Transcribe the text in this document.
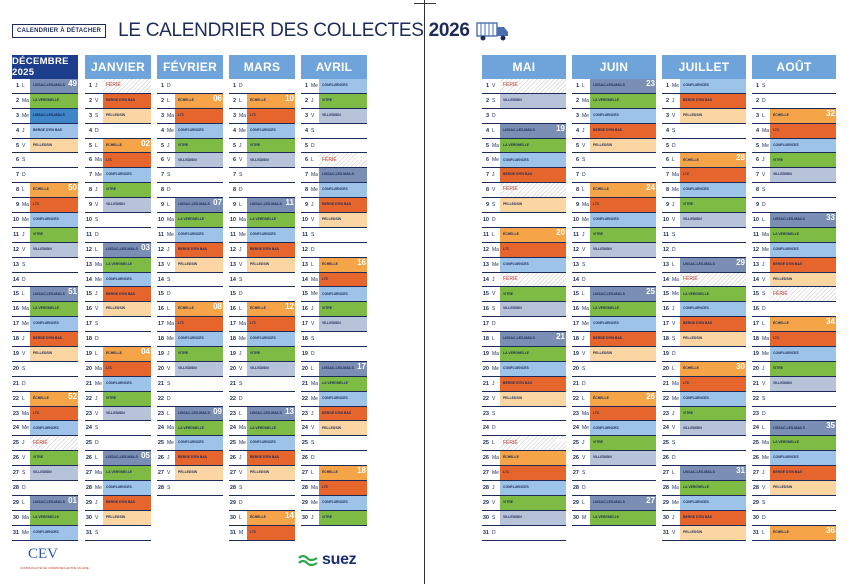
CALENDRIER À DÉTACHER LE CALENDRIER DES COLLECTES 2026
DÉCEMBRE 2025
1 L	LISSAC-LES-MAILS 49
2 Ma	LA VERGNELLE
3 Me	LISSAC-LES-MAILS
4 J	BERGE D'EN BAS
5 V	PELLEDSIN
6 S
7 D
8 L	ÉCHELLE 50
9 Ma	LTC
10 Me	CONFLUENCES
11 J	VITRE
12 V	VILLEDISIN
13 S
14 D
15 L	LISSAC-LES-MAILS 51
16 Ma	LA VERGNELLE
17 Me	CONFLUENCES
18 J	BERGE D'EN BAS
19 V	PELLEDSIN
20 S
21 D
22 L	ÉCHELLE 52
23 Ma	LTC
24 Me	CONFLUENCES
25 J	FÉRIÉ
26 V	VITRE
27 S	VILLEDISIN
28 D
29 L	LISSAC-LES-MAILS 01
30 Ma	LA VERGNELLE
31 Me	CONFLUENCES
JANVIER
1 J	FÉRIÉ
2 V	BERGE D'EN BAS
3 S	PELLEDSIN
4 D
5 L	ÉCHELLE 02
6 Ma	LTC
7 Me	CONFLUENCES
8 J	VITRE
9 V	VILLEDISIN
10 S
11 D
12 L	LISSAC-LES-MAILS 03
13 Ma	LA VERGNELLE
14 Me	CONFLUENCES
15 J	BERGE D'EN BAS
16 V	PELLEDSIN
17 S
18 D
19 L	ÉCHELLE 04
20 Ma	LTC
21 Me	CONFLUENCES
22 J	VITRE
23 V	VILLEDISIN
24 S
25 D
26 L	LISSAC-LES-MAILS 05
27 Ma	LA VERGNELLE
28 Me	CONFLUENCES
29 J	BERGE D'EN BAS
30 V	PELLEDSIN
31 S
FÉVRIER
1 D
2 L	ÉCHELLE 06
3 Ma	LTC
4 Me	CONFLUENCES
5 J	VITRE
6 V	VILLEDISIN
7 S
8 D
9 L	LISSAC-LES-MAILS 07
10 Ma	LA VERGNELLE
11 Me	CONFLUENCES
12 J	BERGE D'EN BAS
13 V	PELLEDSIN
14 S
15 D
16 L	ÉCHELLE 08
17 Ma	LTC
18 Me	CONFLUENCES
19 J	VITRE
20 V	VILLEDISIN
21 S
22 D
23 L	LISSAC-LES-MAILS 09
24 Ma	LA VERGNELLE
25 Me	CONFLUENCES
26 J	BERGE D'EN BAS
27 V	PELLEDSIN
28 S
MARS
1 D
2 L	ÉCHELLE 10
3 Ma	LTC
4 Me	CONFLUENCES
5 J	VITRE
6 V	VILLEDISIN
7 S
8 D
9 L	LISSAC-LES-MAILS 11
10 Ma	LA VERGNELLE
11 Me	CONFLUENCES
12 J	BERGE D'EN BAS
13 V	PELLEDSIN
14 S
15 D
16 L	ÉCHELLE 12
17 Ma	LTC
18 Me	CONFLUENCES
19 J	VITRE
20 V	VILLEDISIN
21 S
22 D
23 L	LISSAC-LES-MAILS 13
24 Ma	LA VERGNELLE
25 Me	CONFLUENCES
26 J	BERGE D'EN BAS
27 V	PELLEDSIN
28 S
29 D
30 L	ÉCHELLE 14
31 M	LTC
AVRIL
1 Me	CONFLUENCES
2 J	VITRE
3 V	VILLEDISIN
4 S
5 D
6 L	FÉRIÉ	15
7 Ma	LISSAC-LES-MAILS
8 Me	CONFLUENCES
9 J	BERGE D'EN BAS
10 V	PELLEDSIN
11 S
12 D
13 L	ÉCHELLE 16
14 Ma	LTC
15 Me	CONFLUENCES
16 J	VITRE
17 V	VILLEDISIN
18 S
19 D
20 L	LISSAC-LES-MAILS 17
21 Ma	LA VERGNELLE
22 Me	CONFLUENCES
23 J	BERGE D'EN BAS
24 V	PELLEDSIN
25 S
26 D
27 L	ÉCHELLE 18
28 Ma	LTC
29 Me	CONFLUENCES
30 J	VITRE
MAI
1 V	FÉRIÉ
2 S	VILLEDISIN
3 D
4 L	LISSAC-LES-MAILS	19
5 Ma	LA VERGNELLE
6 Me	CONFLUENCES
7 J	BERGE D'EN BAS
8 V	FÉRIÉ
9 S	PELLEDSIN
10 D
11 L	ÉCHELLE	20
12 Ma	LTC
13 Me	CONFLUENCES
14 J	FÉRIÉ
15 V	VITRE
16 S	VILLEDISIN
17 D
18 L	LISSAC-LES-MAILS	21
19 Ma	LA VERGNELLE
20 Me	CONFLUENCES
21 J	BERGE D'EN BAS
22 V	PELLEDSIN
23 S
24 D
25 L	FÉRIÉ	22
26 Ma	ÉCHELLE
27 Me	LTC
28 J	CONFLUENCES
29 V	VITRE
30 S	VILLEDISIN
31 D
JUIN
1 L	LISSAC-LES-MAILS	23
2 Ma	LA VERGNELLE
3 Me	CONFLUENCES
4 J	BERGE D'EN BAS
5 V	PELLEDSIN
6 S
7 D
8 L	ÉCHELLE	24
9 Ma	LTC
10 Me	CONFLUENCES
11 J	VITRE
12 V	VILLEDISIN
13 S
14 D
15 L	LISSAC-LES-MAILS	25
16 Ma	LA VERGNELLE
17 Me	CONFLUENCES
18 J	BERGE D'EN BAS
19 V	PELLEDSIN
20 S
21 D
22 L	ÉCHELLE	26
23 Ma	LTC
24 Me	CONFLUENCES
25 J	VITRE
26 V	VILLEDISIN
27 S
28 D
29 L	LISSAC-LES-MAILS	27
30 M	LA VERGNELLE
JUILLET
1 Me	CONFLUENCES
2 J	BERGE D'EN BAS
3 V	PELLEDSIN
4 S
5 D
6 L	ÉCHELLE	28
7 Ma	LTC
8 Me	CONFLUENCES
9 J	VITRE
10 V	VILLEDISIN
11 S
12 D
13 L	LISSAC-LES-MAILS	29
14 Ma FÉRIÉ
15 Me	LA VERGNELLE
16 J	CONFLUENCES
17 V	BERGE D'EN BAS
18 S	PELLEDSIN
19 D
20 L	ÉCHELLE	30
21 Ma	LTC
22 Me	CONFLUENCES
23 J	VITRE
24 V	VILLEDISIN
25 S
26 D
27 L	LISSAC-LES-MAILS	31
28 Ma	LA VERGNELLE
29 Me	CONFLUENCES
30 J	BERGE D'EN BAS
31 V	PELLEDSIN
AOÛT
1 S
2 D
3 L	ÉCHELLE	32
4 Ma	LTC
5 Me	CONFLUENCES
6 J	VITRE
7 V	VILLEDISIN
8 S
9 D
10 L	LISSAC-LES-MAILS	33
11 Ma	LA VERGNELLE
12 Me	CONFLUENCES
13 J	BERGE D'EN BAS
14 V	PELLEDSIN
15 S	FÉRIÉ
16 D
17 L	ÉCHELLE	34
18 Ma	LTC
19 Me	CONFLUENCES
20 J	VITRE
21 V	VILLEDISIN
22 S
23 D
24 L	LISSAC-LES-MAILS	35
25 Ma	LA VERGNELLE
26 Me	CONFLUENCES
27 J	BERGE D'EN BAS
28 V	PELLEDSIN
29 S
30 D
31 L	ÉCHELLE	36
CEV
COMMUNAUTÉ DE COMMUNES ENTRE VILAINE	suez
